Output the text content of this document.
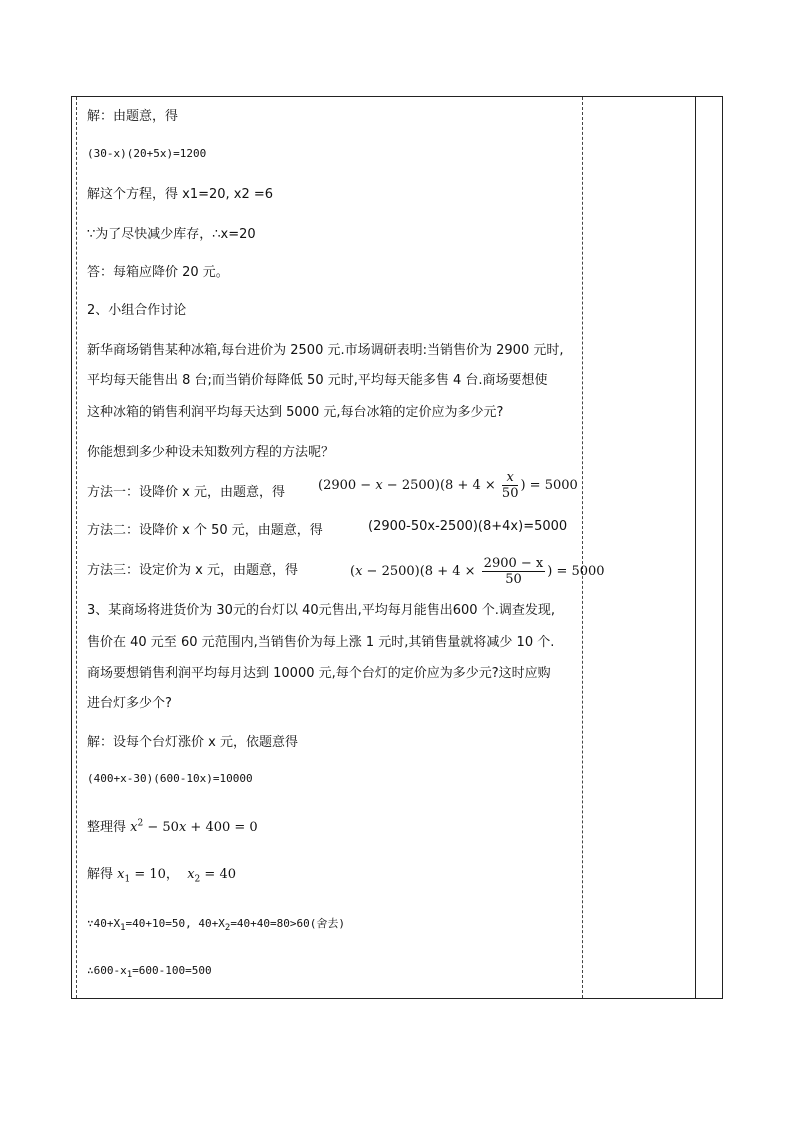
解：由题意，得
(30-x)(20+5x)=1200
解这个方程，得 x1=20, x2 =6
∵为了尽快减少库存，∴x=20
答：每箱应降价 20 元。
2、小组合作讨论
新华商场销售某种冰箱,每台进价为 2500 元.市场调研表明:当销售价为 2900 元时,
平均每天能售出 8 台;而当销价每降低 50 元时,平均每天能多售 4 台.商场要想使
这种冰箱的销售利润平均每天达到 5000 元,每台冰箱的定价应为多少元?
你能想到多少种设未知数列方程的方法呢？
方法一：设降价 x 元，由题意，得	$(2900 - x - 2500)(8 + 4 \times \frac{x}{50}$ ) = 5000
方法二：设降价 x 个 50 元，由题意，得	(2900-50x-2500)(8+4x)=5000
方法三：设定价为 x 元，由题意，得	$(x - 2500)(8 + 4 \times \frac{2900 - x}{50}$ ) = 5000
3、某商场将进货价为 30元的台灯以 40元售出,平均每月能售出600 个.调查发现,
售价在 40 元至 60 元范围内,当销售价为每上涨 1 元时,其销售量就将减少 10 个.
商场要想销售利润平均每月达到 10000 元,每个台灯的定价应为多少元?这时应购
进台灯多少个?
解：设每个台灯涨价 x 元，依题意得
(400+x-30)(600-10x)=10000
整理得 $x^2 - 50x + 400 = 0$
解得 $x_1 = 10$， $x_2 = 40$
$\because 40+X_1=40+10=50$, $40+X_2=40+40=80>60$(舍去)
$\therefore 600-x_1=600-100=500$
